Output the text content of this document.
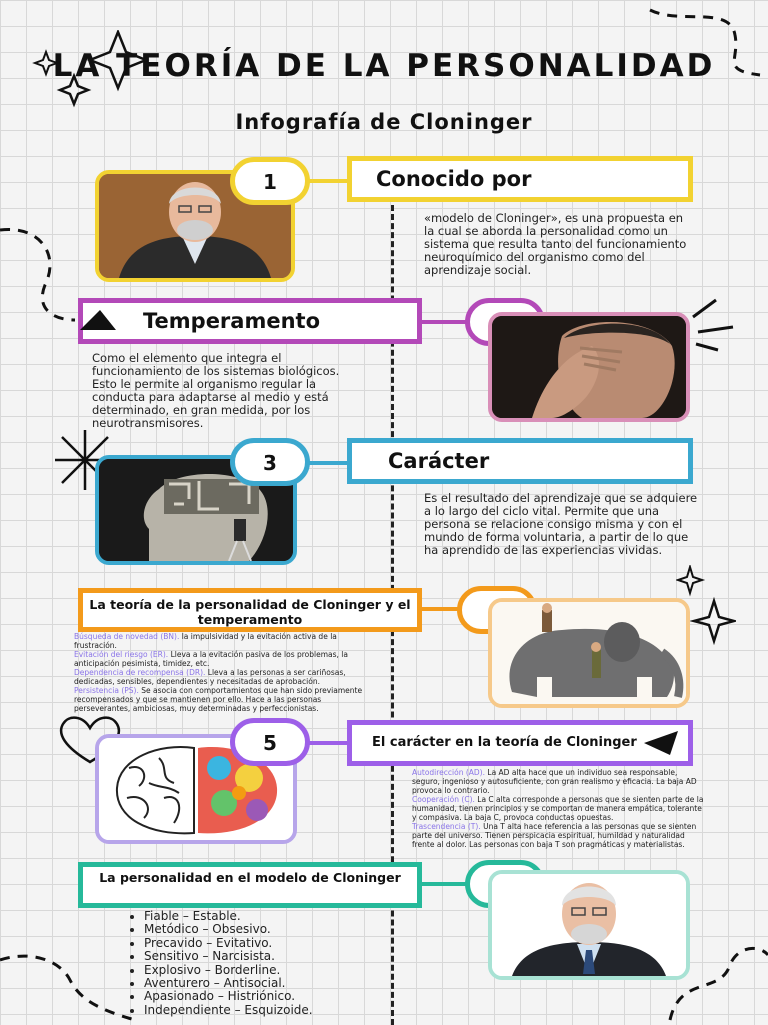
LA TEORÍA DE LA PERSONALIDAD
Infografía de Cloninger
1	Conocido por
«modelo de Cloninger», es una propuesta en la cual se aborda la personalidad como un sistema que resulta tanto del funcionamiento neuroquímico del organismo como del aprendizaje social.
Temperamento
Como el elemento que integra el funcionamiento de los sistemas biológicos. Esto le permite al organismo regular la conducta para adaptarse al medio y está determinado, en gran medida, por los neurotransmisores.
3	Carácter
Es el resultado del aprendizaje que se adquiere a lo largo del ciclo vital. Permite que una persona se relacione consigo misma y con el mundo de forma voluntaria, a partir de lo que ha aprendido de las experiencias vividas.
La teoría de la personalidad de Cloninger y el temperamento
Búsqueda de novedad (BN). la impulsividad y la evitación activa de la frustración.
Evitación del riesgo (ER). Lleva a la evitación pasiva de los problemas, la anticipación pesimista, timidez, etc.
Dependencia de recompensa (DR). Lleva a las personas a ser cariñosas, dedicadas, sensibles, dependientes y necesitadas de aprobación.
Persistencia (PS). Se asocia con comportamientos que han sido previamente recompensados y que se mantienen por ello. Hace a las personas perseverantes, ambiciosas, muy determinadas y perfeccionistas.
5	El carácter en la teoría de Cloninger
Autodirección (AD). La AD alta hace que un individuo sea responsable, seguro, ingenioso y autosuficiente, con gran realismo y eficacia. La baja AD provoca lo contrario.
Cooperación (C). La C alta corresponde a personas que se sienten parte de la humanidad, tienen principios y se comportan de manera empática, tolerante y compasiva. La baja C, provoca conductas opuestas.
Trascendencia (T). Una T alta hace referencia a las personas que se sienten parte del universo. Tienen perspicacia espiritual, humildad y naturalidad frente al dolor. Las personas con baja T son pragmáticas y materialistas.
La personalidad en el modelo de Cloninger
• Fiable – Estable.
• Metódico – Obsesivo.
• Precavido – Evitativo.
• Sensitivo – Narcisista.
• Explosivo – Borderline.
• Aventurero – Antisocial.
• Apasionado – Histriónico.
• Independiente – Esquizoide.
